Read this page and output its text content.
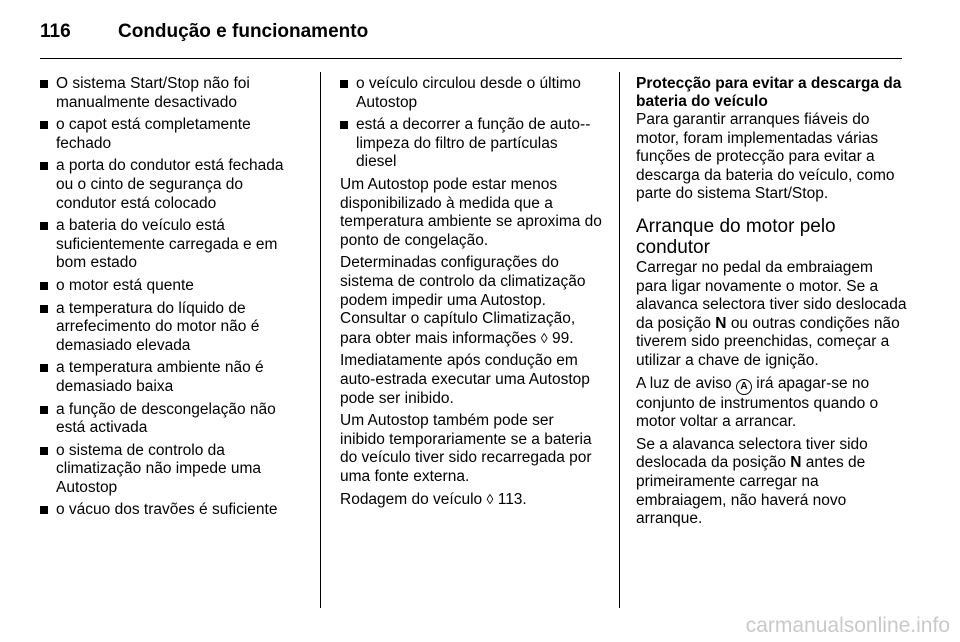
116	Condução e funcionamento
O sistema Start/Stop não foi manualmente desactivado
o capot está completamente fechado
a porta do condutor está fechada ou o cinto de segurança do condutor está colocado
a bateria do veículo está suficientemente carregada e em bom estado
o motor está quente
a temperatura do líquido de arrefecimento do motor não é demasiado elevada
a temperatura ambiente não é demasiado baixa
a função de descongelação não está activada
o sistema de controlo da climatização não impede uma Autostop
o vácuo dos travões é suficiente
o veículo circulou desde o último Autostop
está a decorrer a função de auto--limpeza do filtro de partículas diesel

Um Autostop pode estar menos disponibilizado à medida que a temperatura ambiente se aproxima do ponto de congelação.

Determinadas configurações do sistema de controlo da climatização podem impedir uma Autostop. Consultar o capítulo Climatização, para obter mais informações ◊ 99.

Imediatamente após condução em auto-estrada executar uma Autostop pode ser inibido.

Um Autostop também pode ser inibido temporariamente se a bateria do veículo tiver sido recarregada por uma fonte externa.

Rodagem do veículo ◊ 113.

Protecção para evitar a descarga da bateria do veículo

Para garantir arranques fiáveis do motor, foram implementadas várias funções de protecção para evitar a descarga da bateria do veículo, como parte do sistema Start/Stop.

Arranque do motor pelo condutor

Carregar no pedal da embraiagem para ligar novamente o motor. Se a alavanca selectora tiver sido deslocada da posição N ou outras condições não tiverem sido preenchidas, começar a utilizar a chave de ignição.

A luz de aviso A irá apagar-se no conjunto de instrumentos quando o motor voltar a arrancar.

Se a alavanca selectora tiver sido deslocada da posição N antes de primeiramente carregar na embraiagem, não haverá novo arranque.

carmanualsonline.info
